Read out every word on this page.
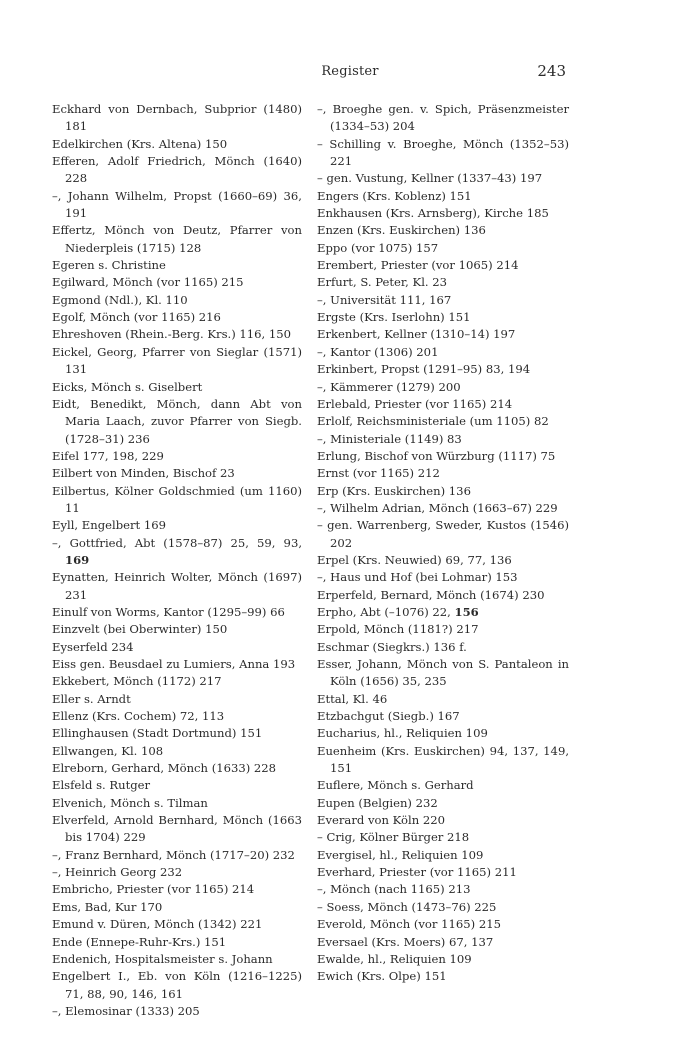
Register	243
Eckhard von Dernbach, Subprior (1480) 181
Edelkirchen (Krs. Altena) 150
Efferen, Adolf Friedrich, Mönch (1640) 228
–, Johann Wilhelm, Propst (1660–69) 36, 191
Effertz, Mönch von Deutz, Pfarrer von Niederpleis (1715) 128
Egeren s. Christine
Egilward, Mönch (vor 1165) 215
Egmond (Ndl.), Kl. 110
Egolf, Mönch (vor 1165) 216
Ehreshoven (Rhein.-Berg. Krs.) 116, 150
Eickel, Georg, Pfarrer von Sieglar (1571) 131
Eicks, Mönch s. Giselbert
Eidt, Benedikt, Mönch, dann Abt von Maria Laach, zuvor Pfarrer von Siegb. (1728–31) 236
Eifel 177, 198, 229
Eilbert von Minden, Bischof 23
Eilbertus, Kölner Goldschmied (um 1160) 11
Eyll, Engelbert 169
–, Gottfried, Abt (1578–87) 25, 59, 93, 169
Eynatten, Heinrich Wolter, Mönch (1697) 231
Einulf von Worms, Kantor (1295–99) 66
Einzvelt (bei Oberwinter) 150
Eyserfeld 234
Eiss gen. Beusdael zu Lumiers, Anna 193
Ekkebert, Mönch (1172) 217
Eller s. Arndt
Ellenz (Krs. Cochem) 72, 113
Ellinghausen (Stadt Dortmund) 151
Ellwangen, Kl. 108
Elreborn, Gerhard, Mönch (1633) 228
Elsfeld s. Rutger
Elvenich, Mönch s. Tilman
Elverfeld, Arnold Bernhard, Mönch (1663 bis 1704) 229
–, Franz Bernhard, Mönch (1717–20) 232
–, Heinrich Georg 232
Embricho, Priester (vor 1165) 214
Ems, Bad, Kur 170
Emund v. Düren, Mönch (1342) 221
Ende (Ennepe-Ruhr-Krs.) 151
Endenich, Hospitalsmeister s. Johann
Engelbert I., Eb. von Köln (1216–1225) 71, 88, 90, 146, 161
–, Elemosinar (1333) 205
–, Broeghe gen. v. Spich, Präsenzmeister (1334–53) 204
– Schilling v. Broeghe, Mönch (1352–53) 221
– gen. Vustung, Kellner (1337–43) 197
Engers (Krs. Koblenz) 151
Enkhausen (Krs. Arnsberg), Kirche 185
Enzen (Krs. Euskirchen) 136
Eppo (vor 1075) 157
Erembert, Priester (vor 1065) 214
Erfurt, S. Peter, Kl. 23
–, Universität 111, 167
Ergste (Krs. Iserlohn) 151
Erkenbert, Kellner (1310–14) 197
–, Kantor (1306) 201
Erkinbert, Propst (1291–95) 83, 194
–, Kämmerer (1279) 200
Erlebald, Priester (vor 1165) 214
Erlolf, Reichsministeriale (um 1105) 82
–, Ministeriale (1149) 83
Erlung, Bischof von Würzburg (1117) 75
Ernst (vor 1165) 212
Erp (Krs. Euskirchen) 136
–, Wilhelm Adrian, Mönch (1663–67) 229
– gen. Warrenberg, Sweder, Kustos (1546) 202
Erpel (Krs. Neuwied) 69, 77, 136
–, Haus und Hof (bei Lohmar) 153
Erperfeld, Bernard, Mönch (1674) 230
Erpho, Abt (–1076) 22, 156
Erpold, Mönch (1181?) 217
Eschmar (Siegkrs.) 136 f.
Esser, Johann, Mönch von S. Pantaleon in Köln (1656) 35, 235
Ettal, Kl. 46
Etzbachgut (Siegb.) 167
Eucharius, hl., Reliquien 109
Euenheim (Krs. Euskirchen) 94, 137, 149, 151
Euflere, Mönch s. Gerhard
Eupen (Belgien) 232
Everard von Köln 220
– Crig, Kölner Bürger 218
Evergisel, hl., Reliquien 109
Everhard, Priester (vor 1165) 211
–, Mönch (nach 1165) 213
– Soess, Mönch (1473–76) 225
Everold, Mönch (vor 1165) 215
Eversael (Krs. Moers) 67, 137
Ewalde, hl., Reliquien 109
Ewich (Krs. Olpe) 151
